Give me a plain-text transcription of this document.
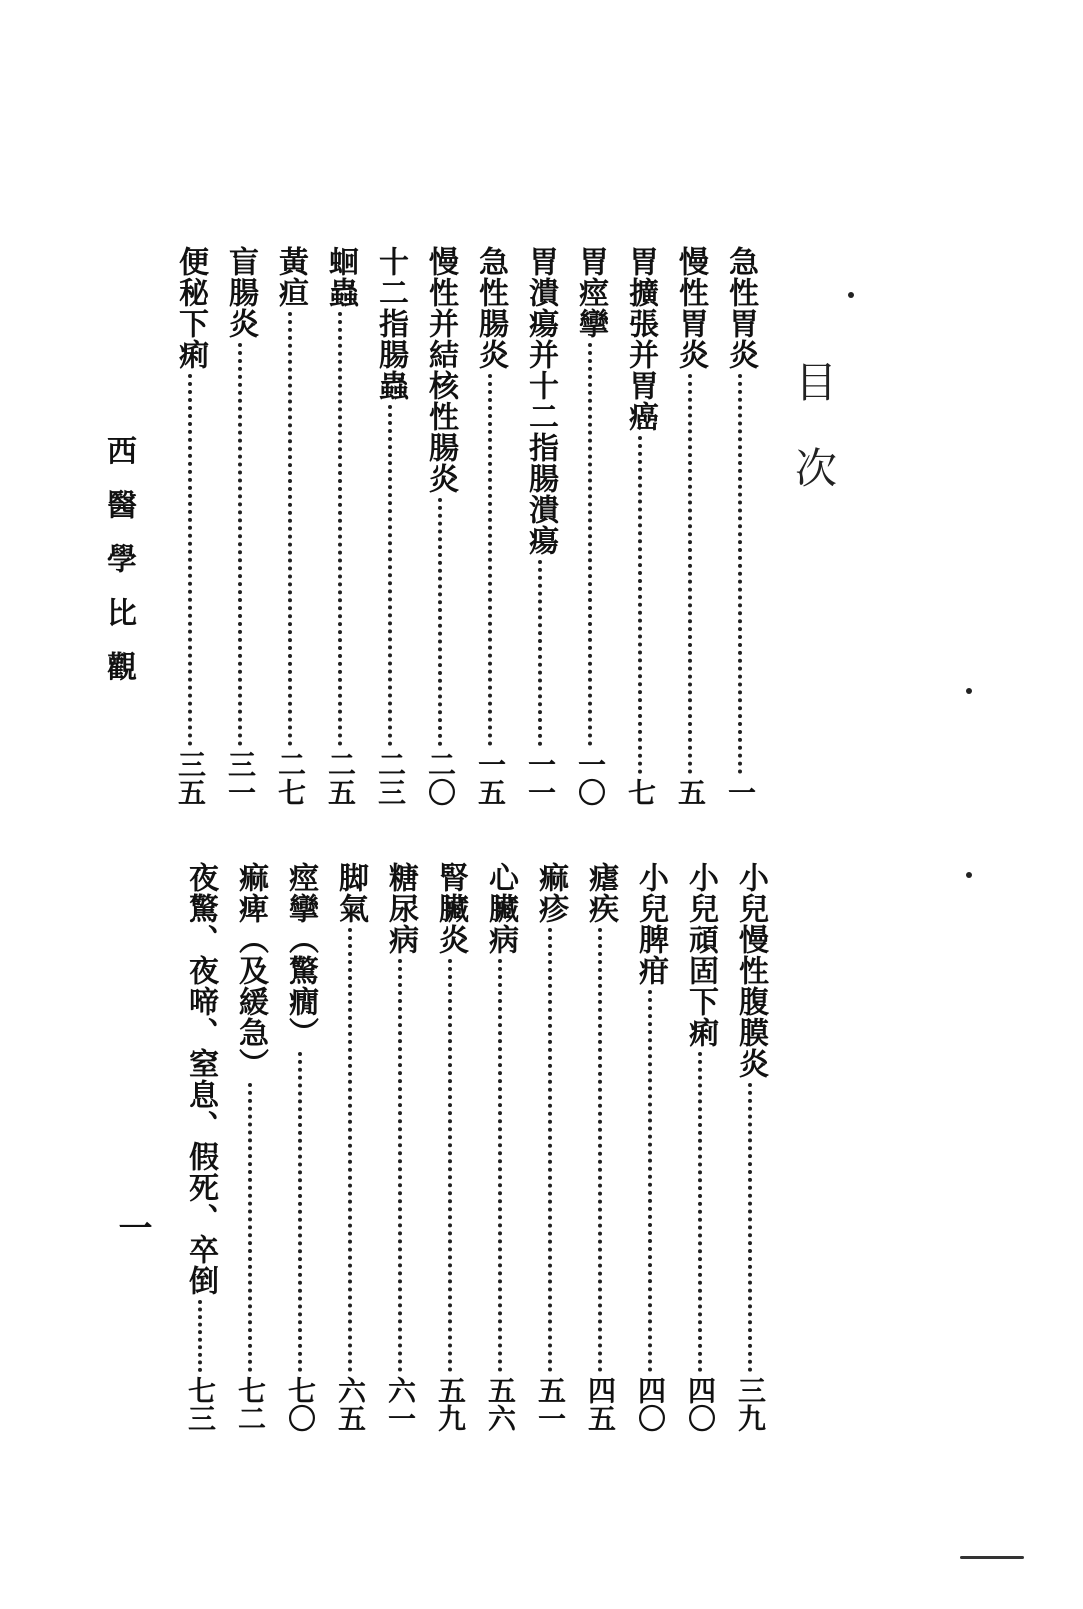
目次
急性胃炎
一
慢性胃炎
五
胃擴張并胃癌
七
胃痙攣
一〇
胃潰瘍并十二指腸潰瘍
一一
急性腸炎
一五
慢性并結核性腸炎
二〇
十二指腸蟲
二三
蛔蟲
二五
黃疸
二七
盲腸炎
三一
便秘下痢
三五
小兒慢性腹膜炎
三九
小兒頑固下痢
四〇
小兒脾疳
四〇
瘧疾
四五
痲疹
五一
心臟病
五六
腎臟炎
五九
糖尿病
六一
脚氣
六五
痙攣（驚癇）
七〇
痲痺（及緩急）
七二
夜驚、夜啼、窒息、假死、卒倒
七三
西醫學比觀
一
